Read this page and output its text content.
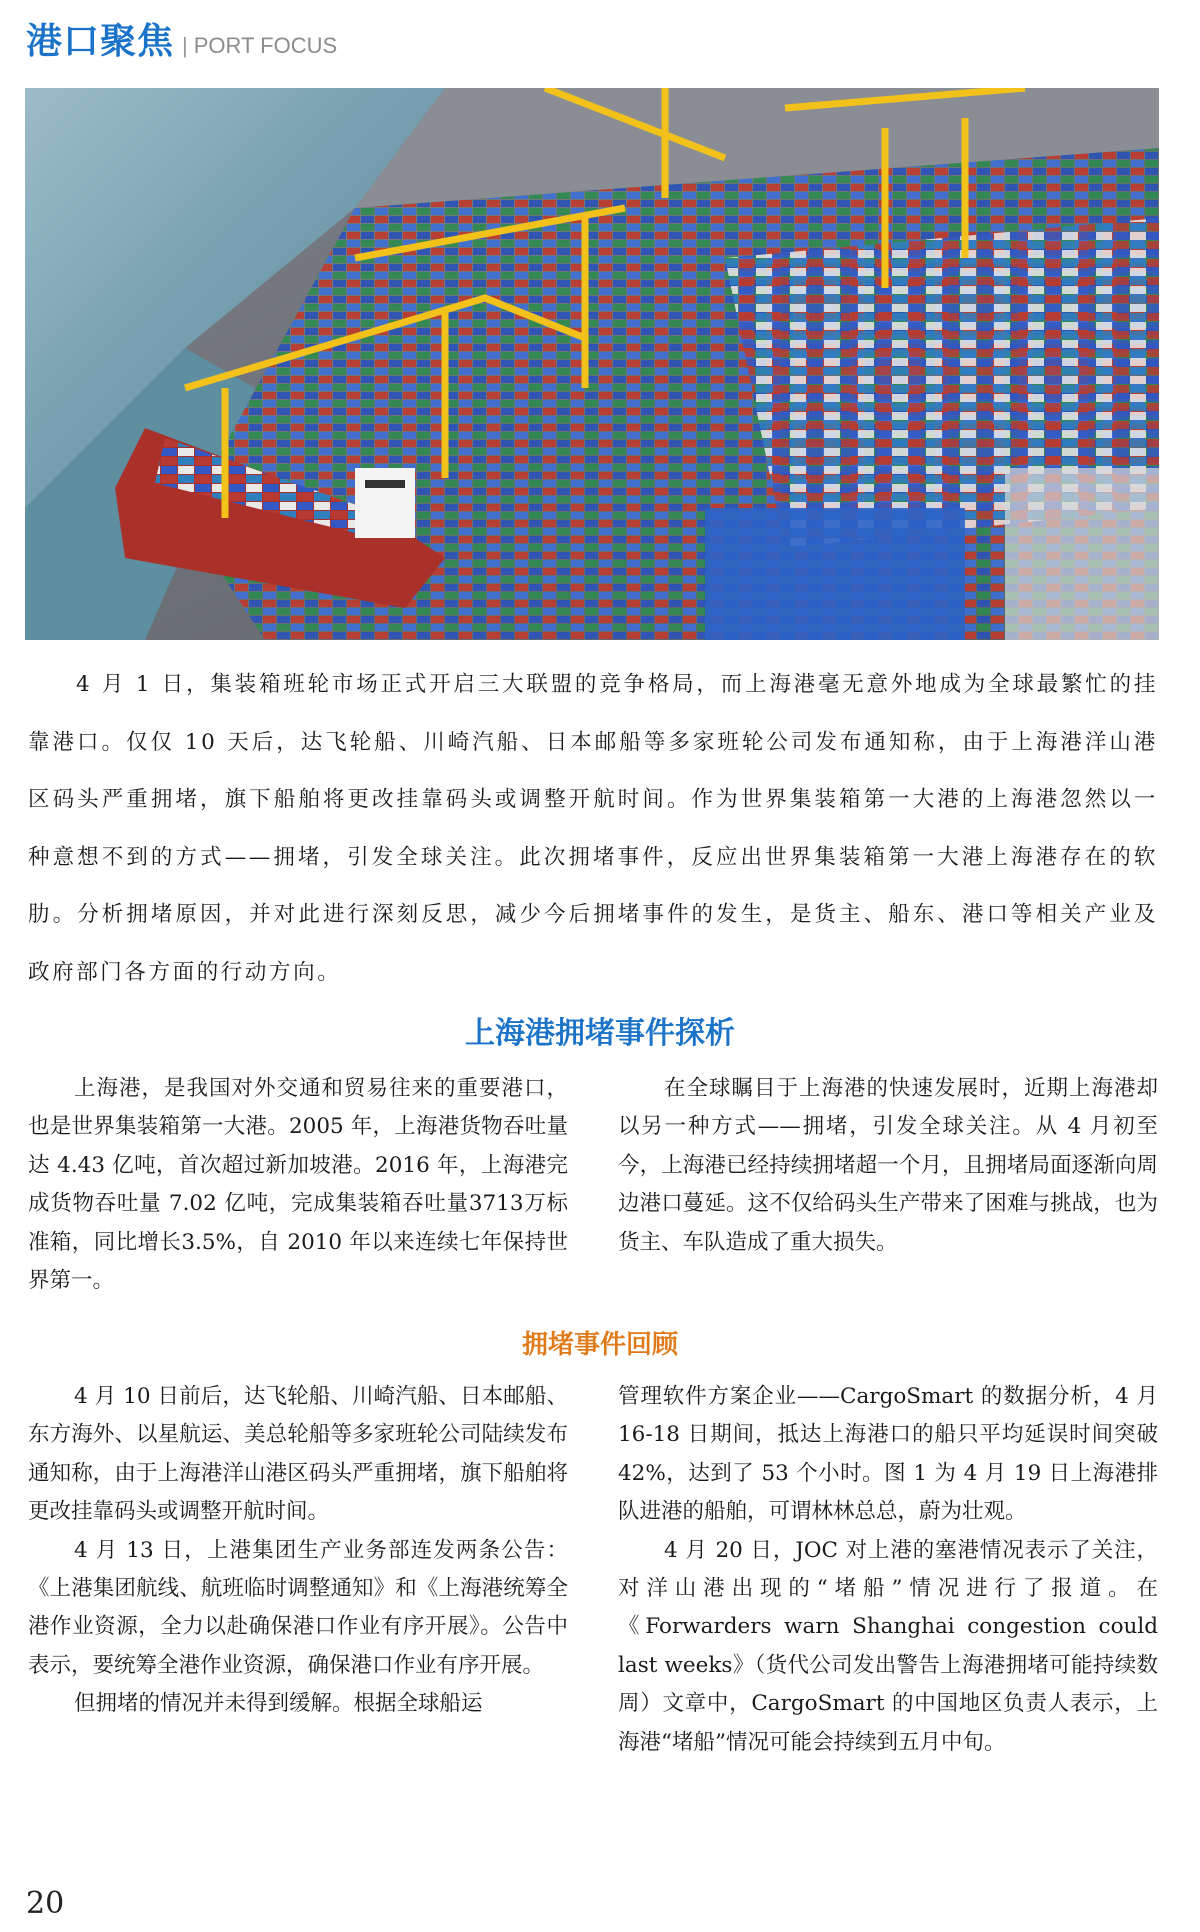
港口聚焦 | PORT FOCUS

4 月 1 日，集装箱班轮市场正式开启三大联盟的竞争格局，而上海港毫无意外地成为全球最繁忙的挂靠港口。仅仅 10 天后，达飞轮船、川崎汽船、日本邮船等多家班轮公司发布通知称，由于上海港洋山港区码头严重拥堵，旗下船舶将更改挂靠码头或调整开航时间。作为世界集装箱第一大港的上海港忽然以一种意想不到的方式——拥堵，引发全球关注。此次拥堵事件，反应出世界集装箱第一大港上海港存在的软肋。分析拥堵原因，并对此进行深刻反思，减少今后拥堵事件的发生，是货主、船东、港口等相关产业及政府部门各方面的行动方向。

上海港拥堵事件探析

上海港，是我国对外交通和贸易往来的重要港口，也是世界集装箱第一大港。2005 年，上海港货物吞吐量达 4.43 亿吨，首次超过新加坡港。2016 年，上海港完成货物吞吐量 7.02 亿吨，完成集装箱吞吐量3713万标准箱，同比增长3.5%，自 2010 年以来连续七年保持世界第一。

在全球瞩目于上海港的快速发展时，近期上海港却以另一种方式——拥堵，引发全球关注。从 4 月初至今，上海港已经持续拥堵超一个月，且拥堵局面逐渐向周边港口蔓延。这不仅给码头生产带来了困难与挑战，也为货主、车队造成了重大损失。

拥堵事件回顾

4 月 10 日前后，达飞轮船、川崎汽船、日本邮船、东方海外、以星航运、美总轮船等多家班轮公司陆续发布通知称，由于上海港洋山港区码头严重拥堵，旗下船舶将更改挂靠码头或调整开航时间。

4 月 13 日，上港集团生产业务部连发两条公告：《上港集团航线、航班临时调整通知》和《上海港统筹全港作业资源，全力以赴确保港口作业有序开展》。公告中表示，要统筹全港作业资源，确保港口作业有序开展。

但拥堵的情况并未得到缓解。根据全球船运

管理软件方案企业——CargoSmart 的数据分析，4 月 16-18 日期间，抵达上海港口的船只平均延误时间突破 42%，达到了 53 个小时。图 1 为 4 月 19 日上海港排队进港的船舶，可谓林林总总，蔚为壮观。

4 月 20 日，JOC 对上港的塞港情况表示了关注，对洋山港出现的“堵船”情况进行了报道。在《Forwarders warn Shanghai congestion could last weeks》（货代公司发出警告上海港拥堵可能持续数周）文章中，CargoSmart 的中国地区负责人表示，上海港“堵船”情况可能会持续到五月中旬。

20
